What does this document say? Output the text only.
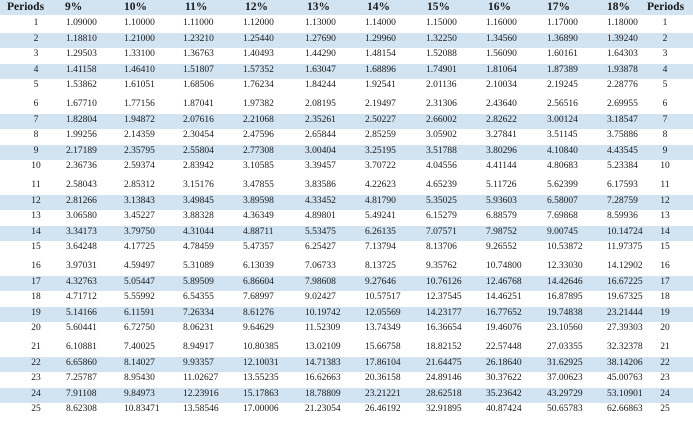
Periods 9%	10%	11%	12%	13%	14%	15%	16%	17%	18% Periods
1	1.09000	1.10000	1.11000	1.12000	1.13000	1.14000	1.15000	1.16000	1.17000	1.18000	1
2	1.18810	1.21000	1.23210	1.25440	1.27690	1.29960	1.32250	1.34560	1.36890	1.39240	2
3	1.29503	1.33100	1.36763	1.40493	1.44290	1.48154	1.52088	1.56090	1.60161	1.64303	3
4	1.41158	1.46410	1.51807	1.57352	1.63047	1.68896	1.74901	1.81064	1.87389	1.93878	4
5	1.53862	1.61051	1.68506	1.76234	1.84244	1.92541	2.01136	2.10034	2.19245	2.28776	5
6	1.67710	1.77156	1.87041	1.97382	2.08195	2.19497	2.31306	2.43640	2.56516	2.69955	6
7	1.82804	1.94872	2.07616	2.21068	2.35261	2.50227	2.66002	2.82622	3.00124	3.18547	7
8	1.99256	2.14359	2.30454	2.47596	2.65844	2.85259	3.05902	3.27841	3.51145	3.75886	8
9	2.17189	2.35795	2.55804	2.77308	3.00404	3.25195	3.51788	3.80296	4.10840	4.43545	9
10	2.36736	2.59374	2.83942	3.10585	3.39457	3.70722	4.04556	4.41144	4.80683	5.23384	10
11	2.58043	2.85312	3.15176	3.47855	3.83586	4.22623	4.65239	5.11726	5.62399	6.17593	11
12	2.81266	3.13843	3.49845	3.89598	4.33452	4.81790	5.35025	5.93603	6.58007	7.28759	12
13	3.06580	3.45227	3.88328	4.36349	4.89801	5.49241	6.15279	6.88579	7.69868	8.59936	13
14	3.34173	3.79750	4.31044	4.88711	5.53475	6.26135	7.07571	7.98752	9.00745	10.14724	14
15	3.64248	4.17725	4.78459	5.47357	6.25427	7.13794	8.13706	9.26552	10.53872	11.97375	15
16	3.97031	4.59497	5.31089	6.13039	7.06733	8.13725	9.35762	10.74800	12.33030	14.12902	16
17	4.32763	5.05447	5.89509	6.86604	7.98608	9.27646	10.76126	12.46768	14.42646	16.67225	17
18	4.71712	5.55992	6.54355	7.68997	9.02427	10.57517	12.37545	14.46251	16.87895	19.67325	18
19	5.14166	6.11591	7.26334	8.61276	10.19742	12.05569	14.23177	16.77652	19.74838	23.21444	19
20	5.60441	6.72750	8.06231	9.64629	11.52309	13.74349	16.36654	19.46076	23.10560	27.39303	20
21	6.10881	7.40025	8.94917	10.80385	13.02109	15.66758	18.82152	22.57448	27.03355	32.32378	21
22	6.65860	8.14027	9.93357	12.10031	14.71383	17.86104	21.64475	26.18640	31.62925	38.14206	22
23	7.25787	8.95430	11.02627	13.55235	16.62663	20.36158	24.89146	30.37622	37.00623	45.00763	23
24	7.91108	9.84973	12.23916	15.17863	18.78809	23.21221	28.62518	35.23642	43.29729	53.10901	24
25	8.62308	10.83471 13.58546	17.00006	21.23054	26.46192	32.91895	40.87424	50.65783	62.66863	25
